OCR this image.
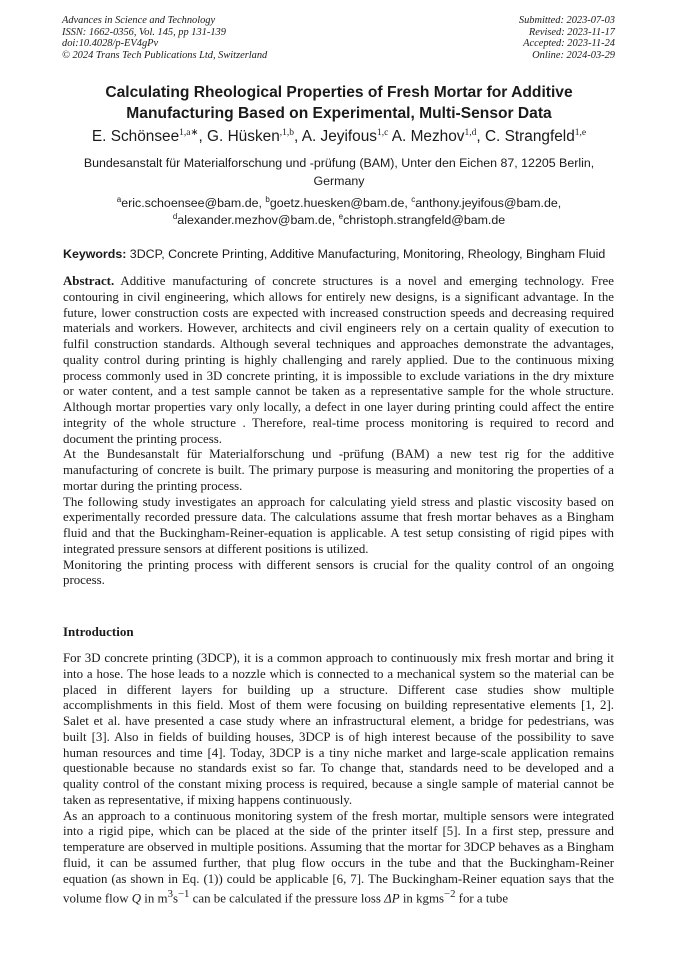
Advances in Science and Technology
ISSN: 1662-0356, Vol. 145, pp 131-139
doi:10.4028/p-EV4gPv
© 2024 Trans Tech Publications Ltd, Switzerland
Submitted: 2023-07-03
Revised: 2023-11-17
Accepted: 2023-11-24
Online: 2024-03-29
Calculating Rheological Properties of Fresh Mortar for Additive
Manufacturing Based on Experimental, Multi-Sensor Data
E. Schönsee$^{1,a∗}$, G. Hüsken$^{,1,b}$, A. Jeyifous$^{1,c}$ A. Mezhov$^{1,d}$, C. Strangfeld$^{1,e}$
Bundesanstalt für Materialforschung und -prüfung (BAM), Unter den Eichen 87, 12205 Berlin, Germany
$^a$eric.schoensee@bam.de, $^b$goetz.huesken@bam.de, $^c$anthony.jeyifous@bam.de,
$^d$alexander.mezhov@bam.de, $^e$christoph.strangfeld@bam.de
Keywords: 3DCP, Concrete Printing, Additive Manufacturing, Monitoring, Rheology, Bingham Fluid

Abstract. Additive manufacturing of concrete structures is a novel and emerging technology. Free contouring in civil engineering, which allows for entirely new designs, is a significant advantage. In the future, lower construction costs are expected with increased construction speeds and decreasing required materials and workers. However, architects and civil engineers rely on a certain quality of execution to fulfil construction standards. Although several techniques and approaches demonstrate the advantages, quality control during printing is highly challenging and rarely applied. Due to the continuous mixing process commonly used in 3D concrete printing, it is impossible to exclude variations in the dry mixture or water content, and a test sample cannot be taken as a representative sample for the whole structure. Although mortar properties vary only locally, a defect in one layer during printing could affect the entire integrity of the whole structure . Therefore, real-time process monitoring is required to record and document the printing process.

At the Bundesanstalt für Materialforschung und -prüfung (BAM) a new test rig for the additive manufacturing of concrete is built. The primary purpose is measuring and monitoring the properties of a mortar during the printing process.

The following study investigates an approach for calculating yield stress and plastic viscosity based on experimentally recorded pressure data. The calculations assume that fresh mortar behaves as a Bingham fluid and that the Buckingham-Reiner-equation is applicable. A test setup consisting of rigid pipes with integrated pressure sensors at different positions is utilized.

Monitoring the printing process with different sensors is crucial for the quality control of an ongoing process.

Introduction

For 3D concrete printing (3DCP), it is a common approach to continuously mix fresh mortar and bring it into a hose. The hose leads to a nozzle which is connected to a mechanical system so the material can be placed in different layers for building up a structure. Different case studies show multiple accomplishments in this field. Most of them were focusing on building representative elements [1, 2]. Salet et al. have presented a case study where an infrastructural element, a bridge for pedestrians, was built [3]. Also in fields of building houses, 3DCP is of high interest because of the possibility to save human resources and time [4]. Today, 3DCP is a tiny niche market and large-scale application remains questionable because no standards exist so far. To change that, standards need to be developed and a quality control of the constant mixing process is required, because a single sample of material cannot be taken as representative, if mixing happens continuously.

As an approach to a continuous monitoring system of the fresh mortar, multiple sensors were integrated into a rigid pipe, which can be placed at the side of the printer itself [5]. In a first step, pressure and temperature are observed in multiple positions. Assuming that the mortar for 3DCP behaves as a Bingham fluid, it can be assumed further, that plug flow occurs in the tube and that the Buckingham-Reiner equation (as shown in Eq. (1)) could be applicable [6, 7]. The Buckingham-Reiner equation says that the volume flow Q in $m^3s^{-1}$ can be calculated if the pressure loss ΔP in kgms$^{-2}$ for a tube
